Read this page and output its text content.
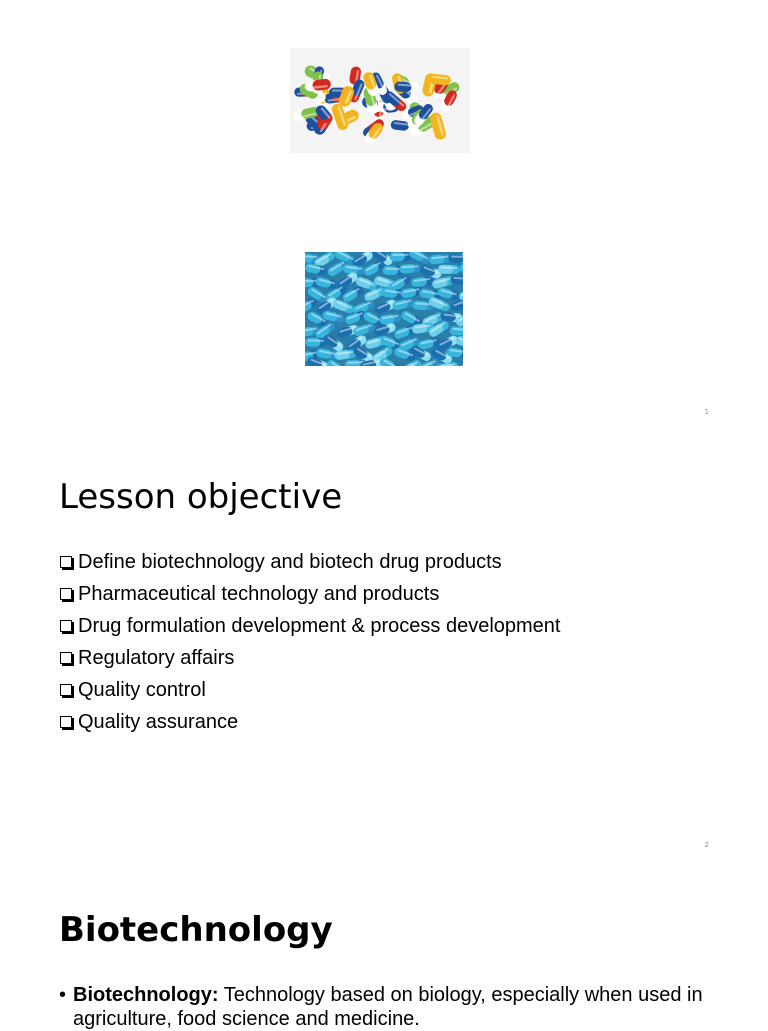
1
Lesson objective
Define biotechnology and biotech drug products
Pharmaceutical technology and products
Drug formulation development & process development
Regulatory affairs
Quality control
Quality assurance
2
Biotechnology
• Biotechnology: Technology based on biology, especially when used in agriculture, food science and medicine.
